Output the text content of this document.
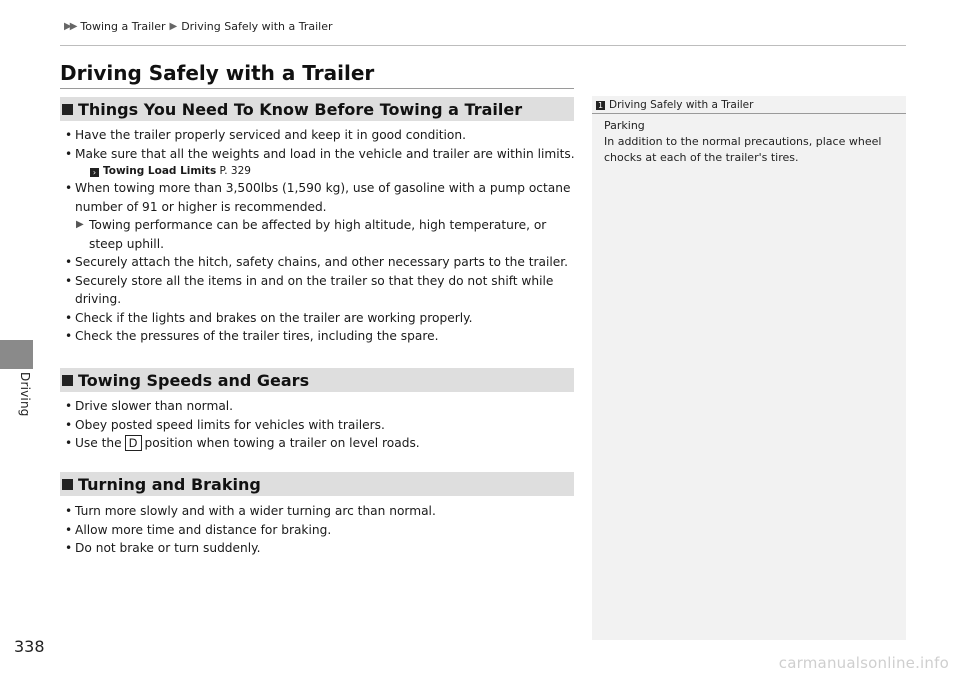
Driving
▶▶ Towing a Trailer ▶ Driving Safely with a Trailer
Driving Safely with a Trailer
Things You Need To Know Before Towing a Trailer
• Have the trailer properly serviced and keep it in good condition.
• Make sure that all the weights and load in the vehicle and trailer are within limits.
› Towing Load Limits P. 329
• When towing more than 3,500lbs (1,590 kg), use of gasoline with a pump octane number of 91 or higher is recommended.
▶ Towing performance can be affected by high altitude, high temperature, or steep uphill.
• Securely attach the hitch, safety chains, and other necessary parts to the trailer.
• Securely store all the items in and on the trailer so that they do not shift while driving.
• Check if the lights and brakes on the trailer are working properly.
• Check the pressures of the trailer tires, including the spare.
Towing Speeds and Gears
• Drive slower than normal.
• Obey posted speed limits for vehicles with trailers.
• Use the D position when towing a trailer on level roads.
Turning and Braking
• Turn more slowly and with a wider turning arc than normal.
• Allow more time and distance for braking.
• Do not brake or turn suddenly.
1 Driving Safely with a Trailer
Parking
In addition to the normal precautions, place wheel chocks at each of the trailer's tires.
338
carmanualsonline.info
